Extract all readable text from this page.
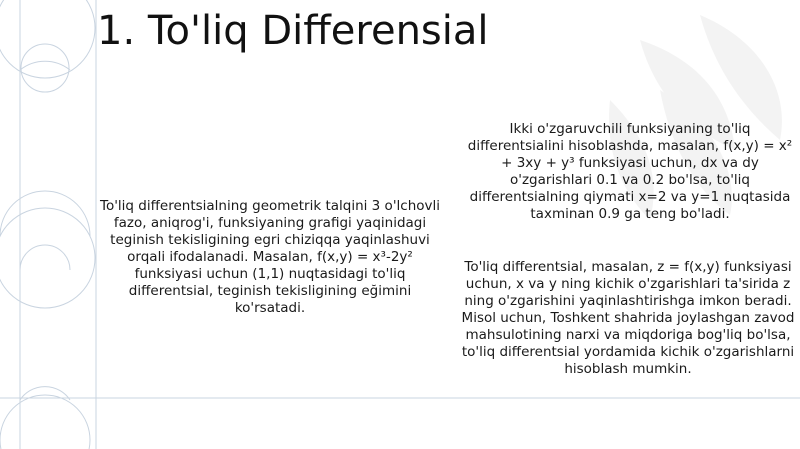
1. To'liq Differensial

To'liq differentsialning geometrik talqini 3 o'lchovli fazo, aniqrog'i, funksiyaning grafigi yaqinidagi teginish tekisligining egri chiziqqa yaqinlashuvi orqali ifodalanadi. Masalan, f(x,y) = x³-2y² funksiyasi uchun (1,1) nuqtasidagi to'liq differentsial, teginish tekisligining eğimini ko'rsatadi.

Ikki o'zgaruvchili funksiyaning to'liq differentsialini hisoblashda, masalan, f(x,y) = x² + 3xy + y³ funksiyasi uchun, dx va dy o'zgarishlari 0.1 va 0.2 bo'lsa, to'liq differentsialning qiymati x=2 va y=1 nuqtasida taxminan 0.9 ga teng bo'ladi.

To'liq differentsial, masalan, z = f(x,y) funksiyasi uchun, x va y ning kichik o'zgarishlari ta'sirida z ning o'zgarishini yaqinlashtirishga imkon beradi. Misol uchun, Toshkent shahrida joylashgan zavod mahsulotining narxi va miqdoriga bog'liq bo'lsa, to'liq differentsial yordamida kichik o'zgarishlarni hisoblash mumkin.
